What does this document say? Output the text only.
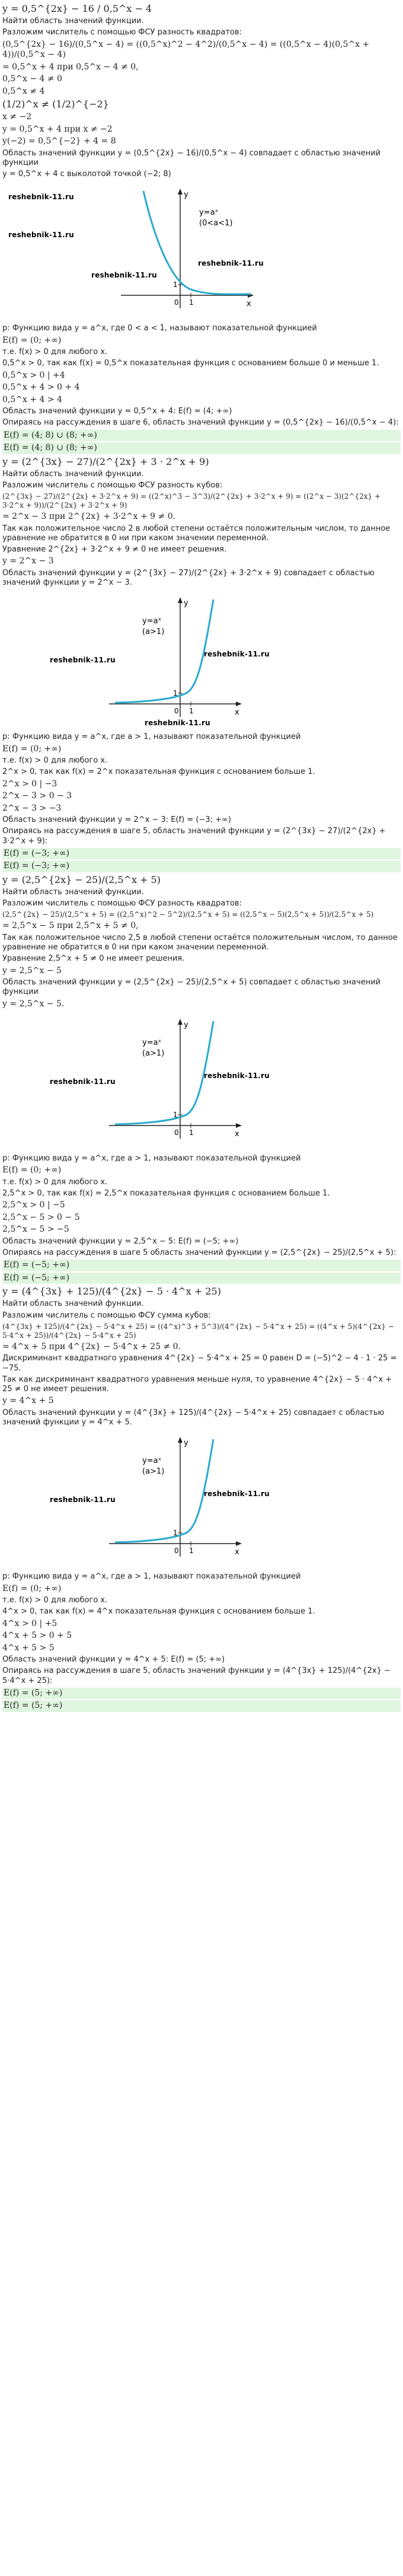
y = 0,5^{2x} − 16 / 0,5^x − 4
Найти область значений функции.
Разложим числитель с помощью ФСУ разность квадратов:
(0,5^{2x} − 16)/(0,5^x − 4) = ((0,5^x)^2 − 4^2)/(0,5^x − 4) = ((0,5^x − 4)(0,5^x + 4))/(0,5^x − 4)
= 0,5^x + 4 при 0,5^x − 4 ≠ 0,
0,5^x − 4 ≠ 0
0,5^x ≠ 4
(1/2)^x ≠ (1/2)^{−2}
x ≠ −2
y = 0,5^x + 4 при x ≠ −2
y(−2) = 0,5^{−2} + 4 = 8
Область значений функции y = (0,5^{2x} − 16)/(0,5^x − 4) совпадает с областью значений функции
y = 0,5^x + 4 с выколотой точкой (−2; 8)
y=aˣ
(0<a<1)
y
x
0 1
1
reshebnik-11.ru
reshebnik-11.ru
reshebnik-11.ru
reshebnik-11.ru
р: Функцию вида y = a^x, где 0 < a < 1, называют показательной функцией
E(f) = (0; +∞)
т.е. f(x) > 0 для любого x.
0,5^x > 0, так как f(x) = 0,5^x показательная функция с основанием больше 0 и меньше 1.
0,5^x > 0 | +4
0,5^x + 4 > 0 + 4
0,5^x + 4 > 4
Область значений функции y = 0,5^x + 4: E(f) = (4; +∞)
Опираясь на рассуждения в шаге 6, область значений функции y = (0,5^{2x} − 16)/(0,5^x − 4):
E(f) = (4; 8) ∪ (8; +∞)
E(f) = (4; 8) ∪ (8; +∞)
y = (2^{3x} − 27)/(2^{2x} + 3 · 2^x + 9)
Найти область значений функции.
Разложим числитель с помощью ФСУ разность кубов:
(2^{3x} − 27)/(2^{2x} + 3·2^x + 9) = ((2^x)^3 − 3^3)/(2^{2x} + 3·2^x + 9) = ((2^x − 3)(2^{2x} + 3·2^x + 9))/(2^{2x} + 3·2^x + 9)
= 2^x − 3 при 2^{2x} + 3·2^x + 9 ≠ 0.
Так как положительное число 2 в любой степени остаётся положительным числом, то данное уравнение не обратится в 0 ни при каком значении переменной.
Уравнение 2^{2x} + 3·2^x + 9 ≠ 0 не имеет решения.
y = 2^x − 3
Область значений функции y = (2^{3x} − 27)/(2^{2x} + 3·2^x + 9) совпадает с областью значений функции y = 2^x − 3.
y=aˣ
(a>1)
y
x
0 1
1
reshebnik-11.ru
reshebnik-11.ru
reshebnik-11.ru
р: Функцию вида y = a^x, где a > 1, называют показательной функцией
E(f) = (0; +∞)
т.е. f(x) > 0 для любого x.
2^x > 0, так как f(x) = 2^x показательная функция с основанием больше 1.
2^x > 0 | −3
2^x − 3 > 0 − 3
2^x − 3 > −3
Область значений функции y = 2^x − 3: E(f) = (−3; +∞)
Опираясь на рассуждения в шаге 5, область значений функции y = (2^{3x} − 27)/(2^{2x} + 3·2^x + 9):
E(f) = (−3; +∞)
E(f) = (−3; +∞)
y = (2,5^{2x} − 25)/(2,5^x + 5)
Найти область значений функции.
Разложим числитель с помощью ФСУ разность квадратов:
(2,5^{2x} − 25)/(2,5^x + 5) = ((2,5^x)^2 − 5^2)/(2,5^x + 5) = ((2,5^x − 5)(2,5^x + 5))/(2,5^x + 5)
= 2,5^x − 5 при 2,5^x + 5 ≠ 0,
Так как положительное число 2,5 в любой степени остаётся положительным числом, то данное уравнение не обратится в 0 ни при каком значении переменной.
Уравнение 2,5^x + 5 ≠ 0 не имеет решения.
y = 2,5^x − 5
Область значений функции y = (2,5^{2x} − 25)/(2,5^x + 5) совпадает с областью значений функции
y = 2,5^x − 5.
y=aˣ
(a>1)
y
x
0 1
1
reshebnik-11.ru
reshebnik-11.ru
р: Функцию вида y = a^x, где a > 1, называют показательной функцией
E(f) = (0; +∞)
т.е. f(x) > 0 для любого x.
2,5^x > 0, так как f(x) = 2,5^x показательная функция с основанием больше 1.
2,5^x > 0 | −5
2,5^x − 5 > 0 − 5
2,5^x − 5 > −5
Область значений функции y = 2,5^x − 5: E(f) = (−5; +∞)
Опираясь на рассуждения в шаге 5 область значений функции y = (2,5^{2x} − 25)/(2,5^x + 5):
E(f) = (−5; +∞)
E(f) = (−5; +∞)
y = (4^{3x} + 125)/(4^{2x} − 5 · 4^x + 25)
Найти область значений функции.
Разложим числитель с помощью ФСУ сумма кубов:
(4^{3x} + 125)/(4^{2x} − 5·4^x + 25) = ((4^x)^3 + 5^3)/(4^{2x} − 5·4^x + 25) = ((4^x + 5)(4^{2x} − 5·4^x + 25))/(4^{2x} − 5·4^x + 25)
= 4^x + 5 при 4^{2x} − 5·4^x + 25 ≠ 0.
Дискриминант квадратного уравнения 4^{2x} − 5·4^x + 25 = 0 равен D = (−5)^2 − 4 · 1 · 25 = −75.
Так как дискриминант квадратного уравнения меньше нуля, то уравнение 4^{2x} − 5 · 4^x + 25 ≠ 0 не имеет решения.
y = 4^x + 5
Область значений функции y = (4^{3x} + 125)/(4^{2x} − 5·4^x + 25) совпадает с областью значений функции y = 4^x + 5.
y=aˣ
(a>1)
y
x
0 1
1
reshebnik-11.ru
reshebnik-11.ru
р: Функцию вида y = a^x, где a > 1, называют показательной функцией
E(f) = (0; +∞)
т.е. f(x) > 0 для любого x.
4^x > 0, так как f(x) = 4^x показательная функция с основанием больше 1.
4^x > 0 | +5
4^x + 5 > 0 + 5
4^x + 5 > 5
Область значений функции y = 4^x + 5: E(f) = (5; +∞)
Опираясь на рассуждения в шаге 5, область значений функции y = (4^{3x} + 125)/(4^{2x} − 5·4^x + 25):
E(f) = (5; +∞)
E(f) = (5; +∞)
